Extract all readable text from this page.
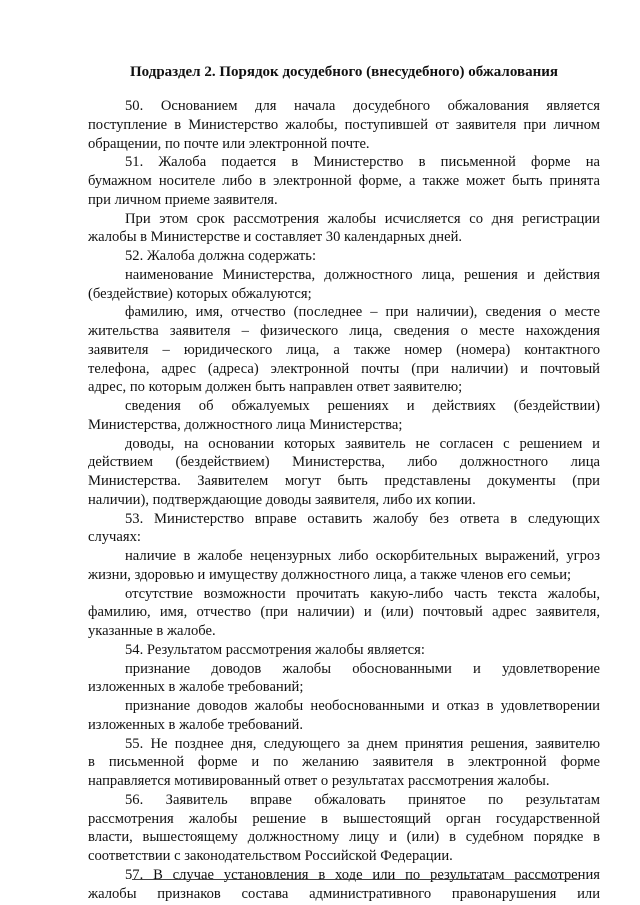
Подраздел 2. Порядок досудебного (внесудебного) обжалования
50. Основанием для начала досудебного обжалования является
поступление в Министерство жалобы, поступившей от заявителя при личном
обращении, по почте или электронной почте.
51. Жалоба подается в Министерство в письменной форме на
бумажном носителе либо в электронной форме, а также может быть принята
при личном приеме заявителя.
При этом срок рассмотрения жалобы исчисляется со дня регистрации
жалобы в Министерстве и составляет 30 календарных дней.
52. Жалоба должна содержать:
наименование Министерства, должностного лица, решения и действия
(бездействие) которых обжалуются;
фамилию, имя, отчество (последнее – при наличии), сведения о месте
жительства заявителя – физического лица, сведения о месте нахождения
заявителя – юридического лица, а также номер (номера) контактного
телефона, адрес (адреса) электронной почты (при наличии) и почтовый
адрес, по которым должен быть направлен ответ заявителю;
сведения об обжалуемых решениях и действиях (бездействии)
Министерства, должностного лица Министерства;
доводы, на основании которых заявитель не согласен с решением и
действием (бездействием) Министерства, либо должностного лица
Министерства. Заявителем могут быть представлены документы (при
наличии), подтверждающие доводы заявителя, либо их копии.
53. Министерство вправе оставить жалобу без ответа в следующих
случаях:
наличие в жалобе нецензурных либо оскорбительных выражений, угроз
жизни, здоровью и имуществу должностного лица, а также членов его семьи;
отсутствие возможности прочитать какую-либо часть текста жалобы,
фамилию, имя, отчество (при наличии) и (или) почтовый адрес заявителя,
указанные в жалобе.
54. Результатом рассмотрения жалобы является:
признание доводов жалобы обоснованными и удовлетворение
изложенных в жалобе требований;
признание доводов жалобы необоснованными и отказ в удовлетворении
изложенных в жалобе требований.
55. Не позднее дня, следующего за днем принятия решения, заявителю
в письменной форме и по желанию заявителя в электронной форме
направляется мотивированный ответ о результатах рассмотрения жалобы.
56. Заявитель вправе обжаловать принятое по результатам
рассмотрения жалобы решение в вышестоящий орган государственной
власти, вышестоящему должностному лицу и (или) в судебном порядке в
соответствии с законодательством Российской Федерации.
57. В случае установления в ходе или по результатам рассмотрения
жалобы признаков состава административного правонарушения или
